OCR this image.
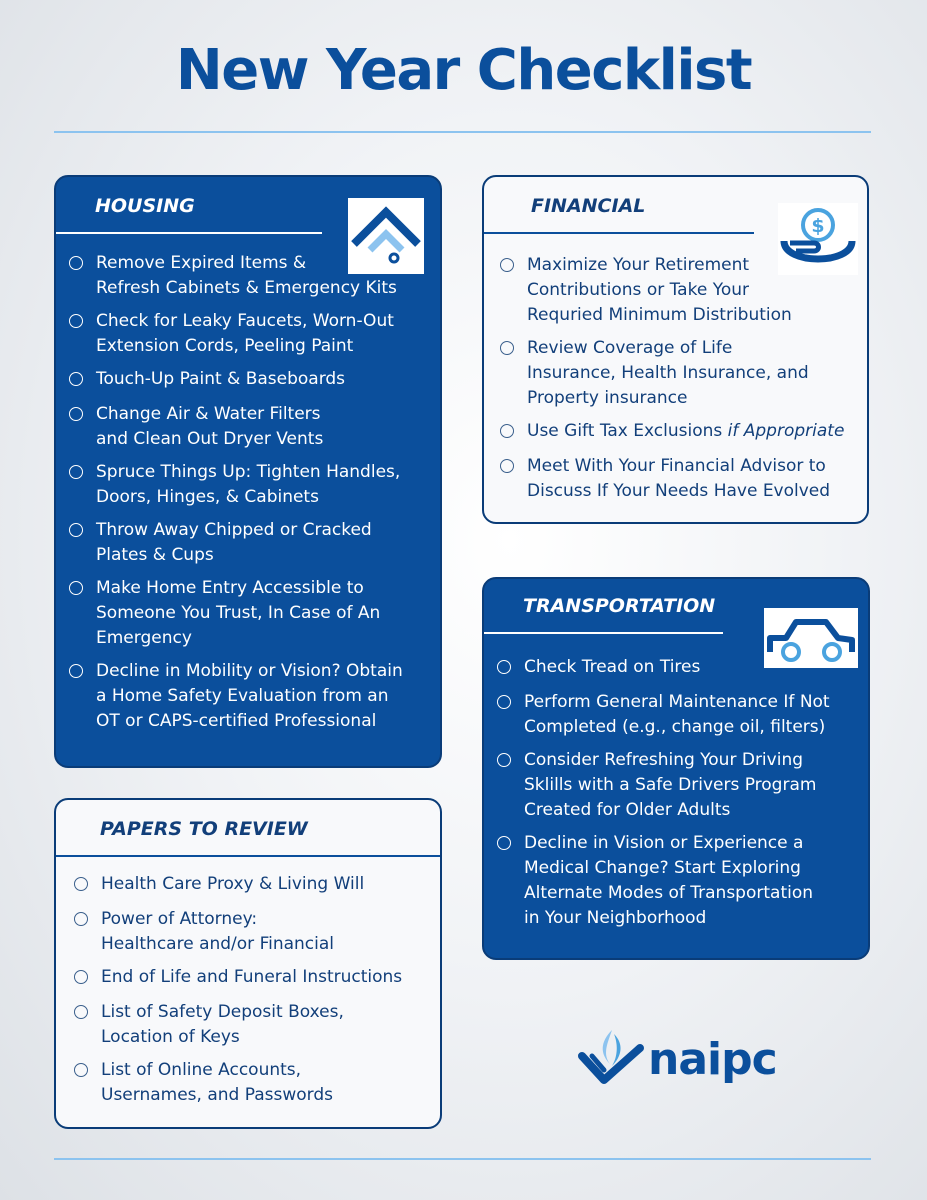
New Year Checklist
HOUSING
Remove Expired Items &
Refresh Cabinets & Emergency Kits
Check for Leaky Faucets, Worn-Out
Extension Cords, Peeling Paint
Touch-Up Paint & Baseboards
Change Air & Water Filters
and Clean Out Dryer Vents
Spruce Things Up: Tighten Handles,
Doors, Hinges, & Cabinets
Throw Away Chipped or Cracked
Plates & Cups
Make Home Entry Accessible to
Someone You Trust, In Case of An
Emergency
Decline in Mobility or Vision? Obtain
a Home Safety Evaluation from an
OT or CAPS-certified Professional
FINANCIAL
$
Maximize Your Retirement
Contributions or Take Your
Requried Minimum Distribution
Review Coverage of Life
Insurance, Health Insurance, and
Property insurance
Use Gift Tax Exclusions if Appropriate
Meet With Your Financial Advisor to
Discuss If Your Needs Have Evolved
TRANSPORTATION
Check Tread on Tires
Perform General Maintenance If Not
Completed (e.g., change oil, filters)
Consider Refreshing Your Driving
Sklills with a Safe Drivers Program
Created for Older Adults
Decline in Vision or Experience a
Medical Change? Start Exploring
Alternate Modes of Transportation
in Your Neighborhood
PAPERS TO REVIEW
Health Care Proxy & Living Will
Power of Attorney:
Healthcare and/or Financial
End of Life and Funeral Instructions
List of Safety Deposit Boxes,
Location of Keys
List of Online Accounts,
Usernames, and Passwords
naipc
